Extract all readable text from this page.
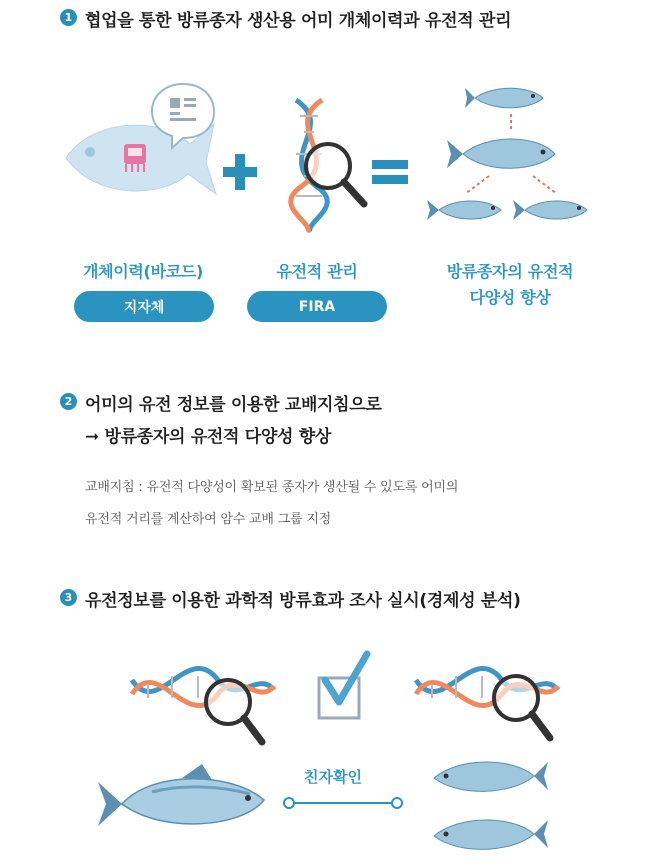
1 협업을 통한 방류종자 생산용 어미 개체이력과 유전적 관리
개체이력(바코드)	유전적 관리	방류종자의 유전적
다양성 향상
지자체	FIRA
2 어미의 유전 정보를 이용한 교배지침으로
➞ 방류종자의 유전적 다양성 향상
교배지침 : 유전적 다양성이 확보된 종자가 생산될 수 있도록 어미의
유전적 거리를 계산하여 암수 교배 그룹 지정
3 유전정보를 이용한 과학적 방류효과 조사 실시(경제성 분석)
친자확인
